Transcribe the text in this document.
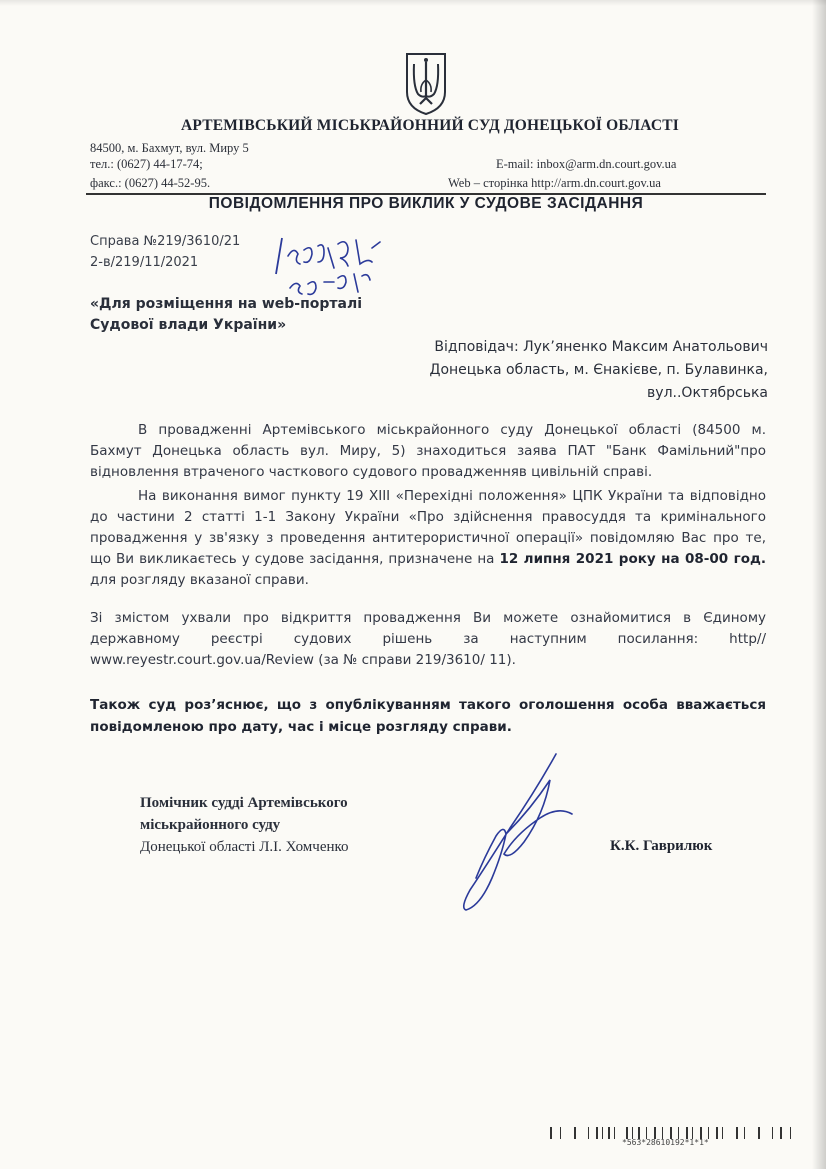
АРТЕМІВСЬКИЙ МІСЬКРАЙОННИЙ СУД ДОНЕЦЬКОЇ ОБЛАСТІ
84500, м. Бахмут, вул. Миру 5
тел.: (0627) 44-17-74;
факс.: (0627) 44-52-95.
E-mail: inbox@arm.dn.court.gov.ua
Web – сторінка http://arm.dn.court.gov.ua
ПОВІДОМЛЕННЯ ПРО ВИКЛИК У СУДОВЕ ЗАСІДАННЯ
Справа №219/3610/21
2-в/219/11/2021
«Для розміщення на web-порталі
Судової влади України»
Відповідач: Лук’яненко Максим Анатольович
Донецька область, м. Єнакієве, п. Булавинка,
вул..Октябрська
В провадженні Артемівського міськрайонного суду Донецької області (84500 м. Бахмут Донецька область вул. Миру, 5) знаходиться заява ПАТ "Банк Фамільний"про відновлення втраченого часткового судового провадженняв цивільній справі.
На виконання вимог пункту 19 ХІІІ «Перехідні положення» ЦПК України та відповідно до частини 2 статті 1-1 Закону України «Про здійснення правосуддя та кримінального провадження у зв'язку з проведення антитерористичної операції» повідомляю Вас про те, що Ви викликаєтесь у судове засідання, призначене на 12 липня 2021 року на 08-00 год. для розгляду вказаної справи.
Зі змістом ухвали про відкриття провадження Ви можете ознайомитися в Єдиному державному реєстрі судових рішень за наступним посилання: http// www.reyestr.court.gov.ua/Review (за № справи 219/3610/ 11).
Також суд роз’яснює, що з опублікуванням такого оголошення особа вважається повідомленою про дату, час і місце розгляду справи.
Помічник судді Артемівського
міськрайонного суду
Донецької області Л.І. Хомченко	К.К. Гаврилюк
*563*28610192*1*1*
